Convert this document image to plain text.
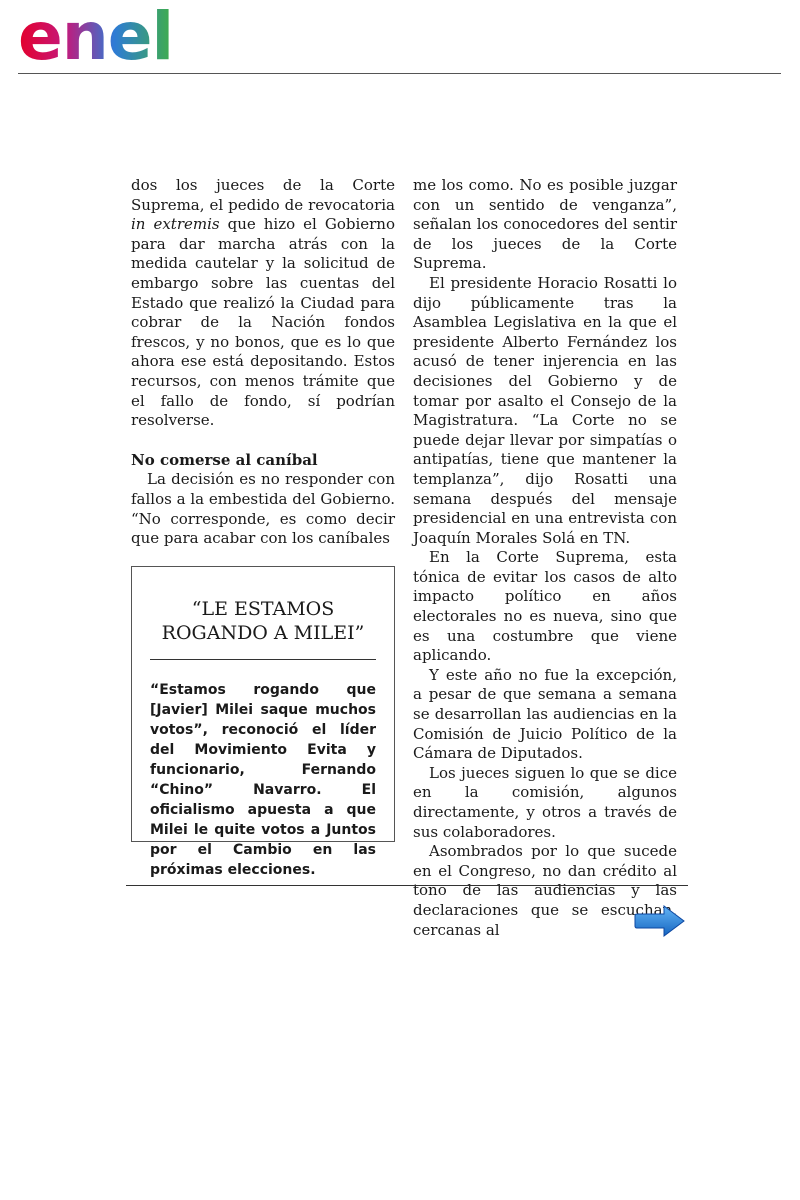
enel

dos los jueces de la Corte Suprema, el pedido de revocatoria in extremis que hizo el Gobierno para dar marcha atrás con la medida cautelar y la solicitud de embargo sobre las cuentas del Estado que realizó la Ciudad para cobrar de la Nación fondos frescos, y no bonos, que es lo que ahora ese está depositando. Estos recursos, con menos trámite que el fallo de fondo, sí podrían resolverse.

No comerse al caníbal

La decisión es no responder con fallos a la embestida del Gobierno. “No corresponde, es como decir que para acabar con los caníbales

“LE ESTAMOS
ROGANDO A MILEI”

“Estamos rogando que [Javier] Milei saque muchos votos”, reconoció el líder del Movimiento Evita y funcionario, Fernando “Chino” Navarro. El oficialismo apuesta a que Milei le quite votos a Juntos por el Cambio en las próximas elecciones.

me los como. No es posible juzgar con un sentido de venganza”, señalan los conocedores del sentir de los jueces de la Corte Suprema.

El presidente Horacio Rosatti lo dijo públicamente tras la Asamblea Legislativa en la que el presidente Alberto Fernández los acusó de tener injerencia en las decisiones del Gobierno y de tomar por asalto el Consejo de la Magistratura. “La Corte no se puede dejar llevar por simpatías o antipatías, tiene que mantener la templanza”, dijo Rosatti una semana después del mensaje presidencial en una entrevista con Joaquín Morales Solá en TN.

En la Corte Suprema, esta tónica de evitar los casos de alto impacto político en años electorales no es nueva, sino que es una costumbre que viene aplicando.

Y este año no fue la excepción, a pesar de que semana a semana se desarrollan las audiencias en la Comisión de Juicio Político de la Cámara de Diputados.

Los jueces siguen lo que se dice en la comisión, algunos directamente, y otros a través de sus colaboradores.

Asombrados por lo que sucede en el Congreso, no dan crédito al tono de las audiencias y las declaraciones que se escuchan, cercanas al
